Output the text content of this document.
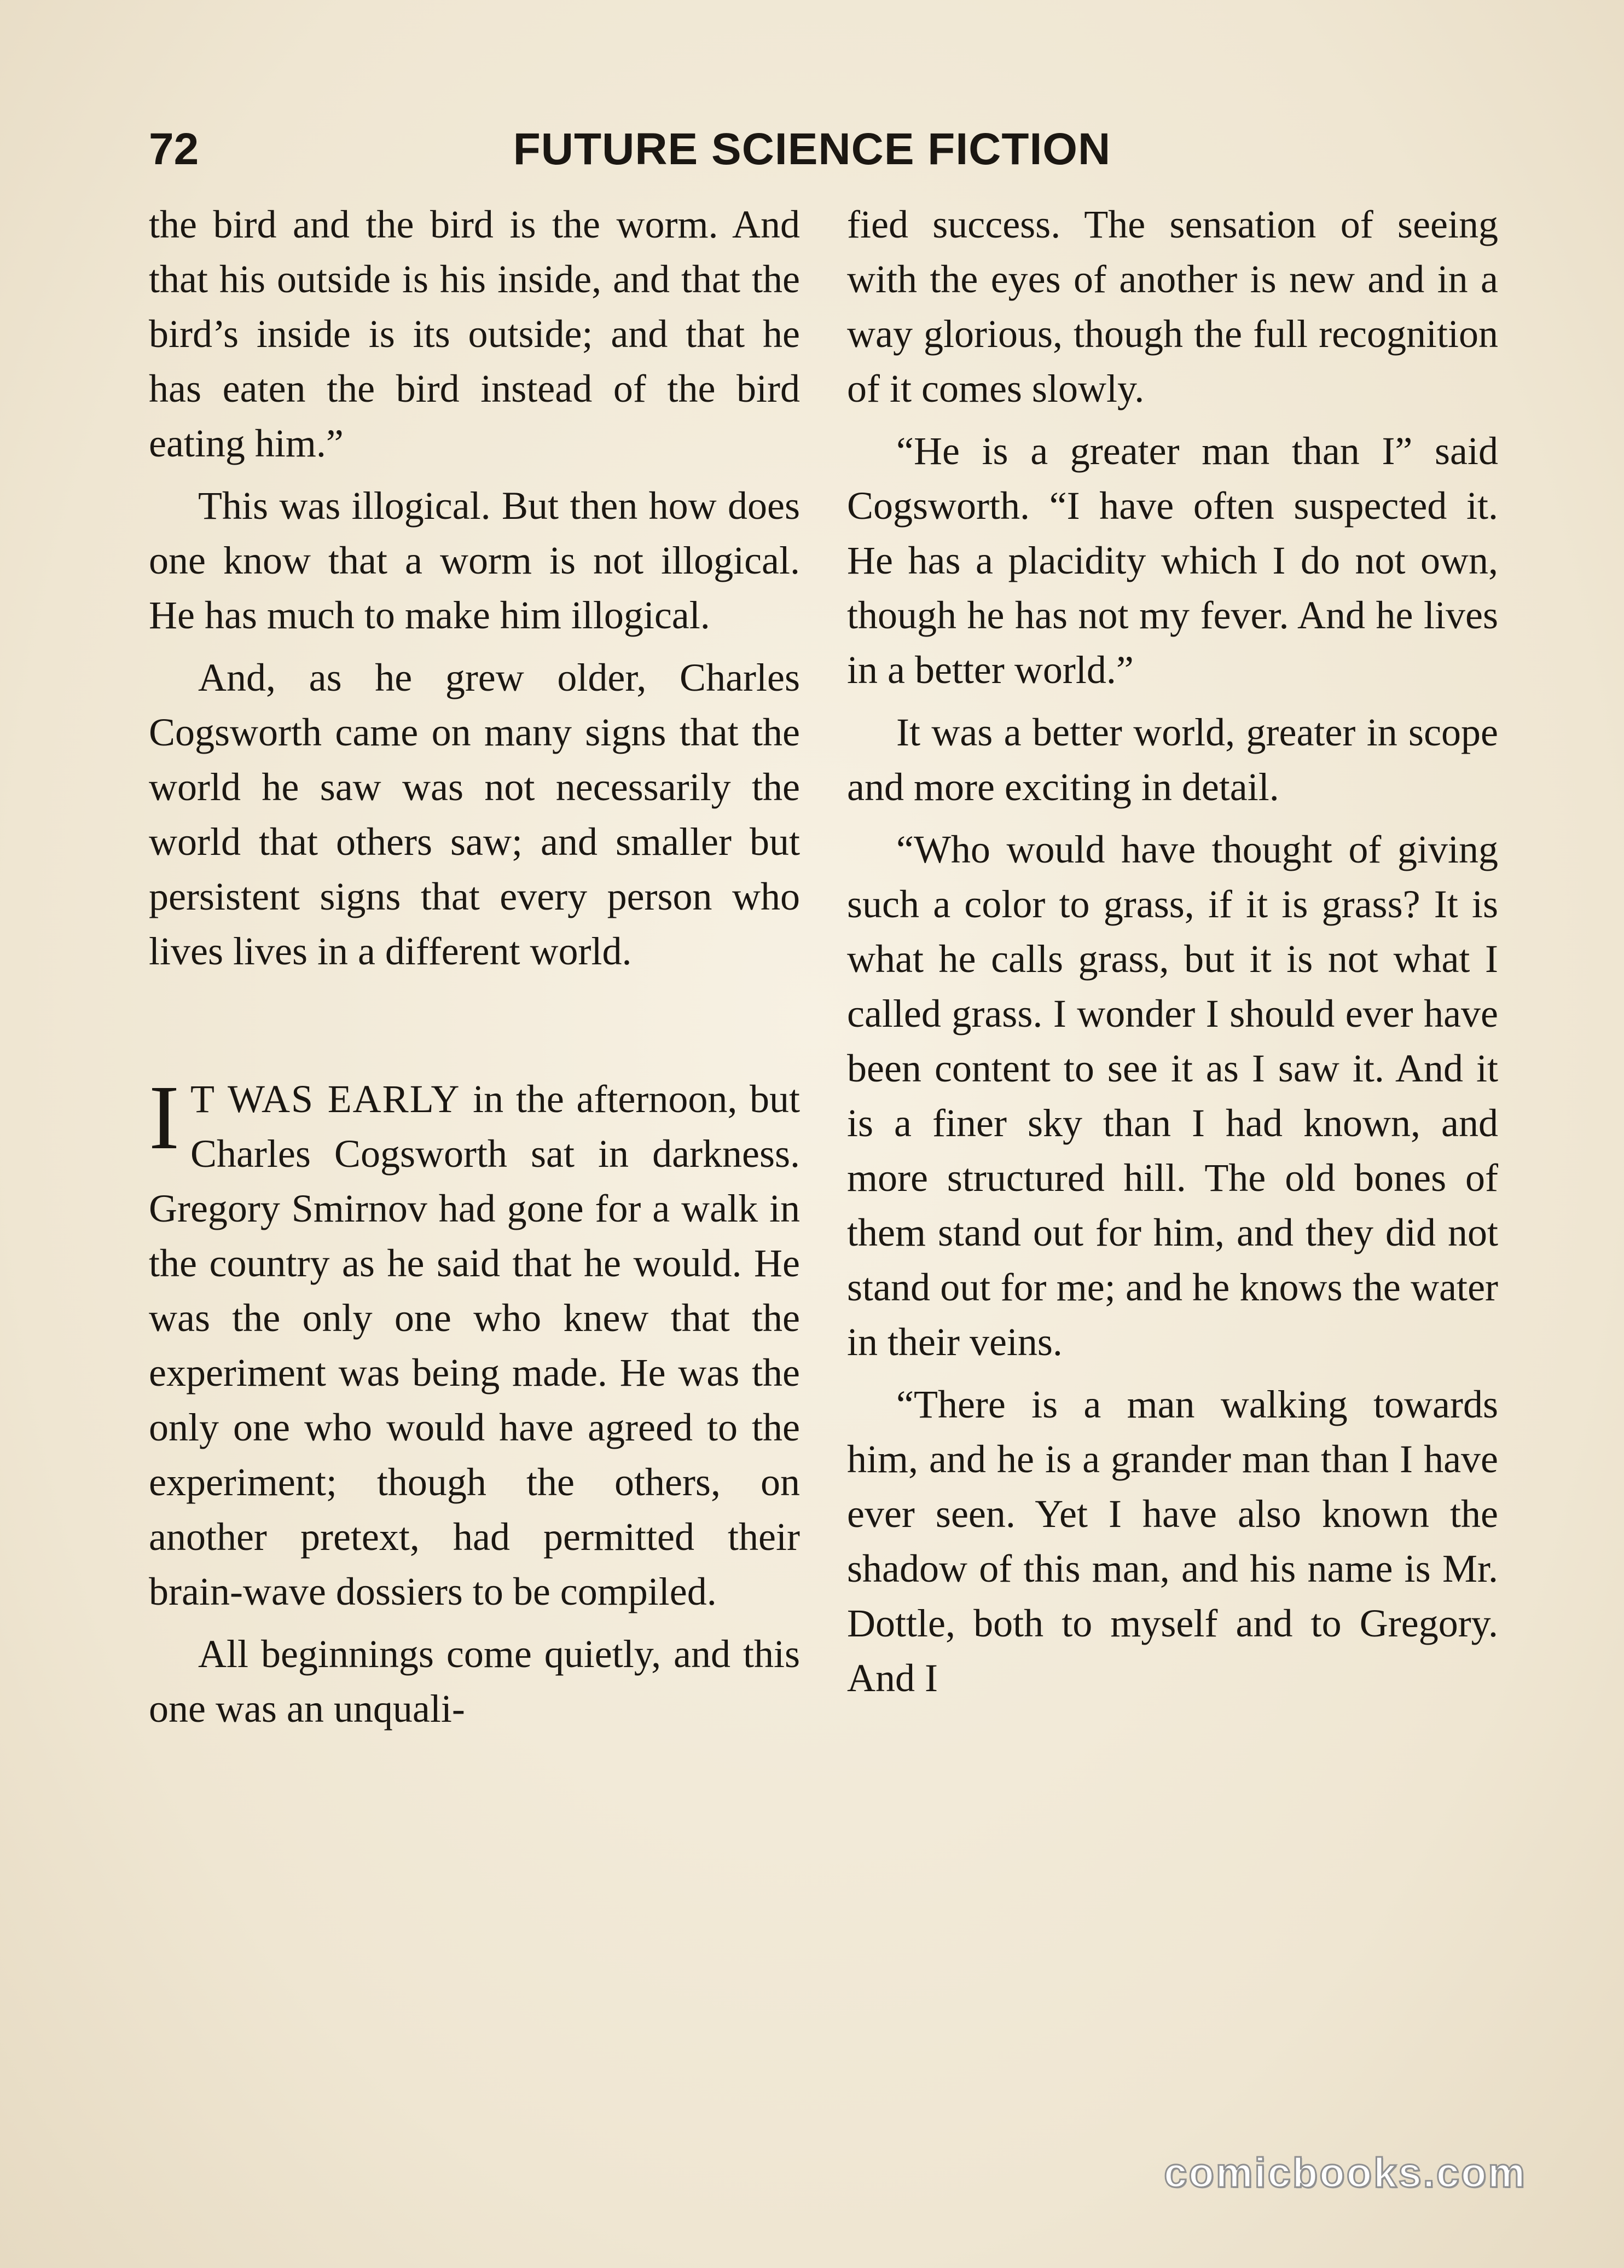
72	FUTURE SCIENCE FICTION

the bird and the bird is the worm. And that his outside is his inside, and that the bird’s inside is its outside; and that he has eaten the bird instead of the bird eating him.”

This was illogical. But then how does one know that a worm is not illogical. He has much to make him illogical.

And, as he grew older, Charles Cogsworth came on many signs that the world he saw was not necessarily the world that others saw; and smaller but persistent signs that every person who lives lives in a different world.

I T WAS EARLY in the afternoon, but Charles Cogsworth sat in darkness. Gregory Smirnov had gone for a walk in the country as he said that he would. He was the only one who knew that the experiment was being made. He was the only one who would have agreed to the experiment; though the others, on another pretext, had permitted their brain-wave dossiers to be compiled.

All beginnings come quietly, and this one was an unquali-

fied success. The sensation of seeing with the eyes of another is new and in a way glorious, though the full recognition of it comes slowly.

“He is a greater man than I” said Cogsworth. “I have often suspected it. He has a placidity which I do not own, though he has not my fever. And he lives in a better world.”

It was a better world, greater in scope and more exciting in detail.

“Who would have thought of giving such a color to grass, if it is grass? It is what he calls grass, but it is not what I called grass. I wonder I should ever have been content to see it as I saw it. And it is a finer sky than I had known, and more structured hill. The old bones of them stand out for him, and they did not stand out for me; and he knows the water in their veins.

“There is a man walking towards him, and he is a grander man than I have ever seen. Yet I have also known the shadow of this man, and his name is Mr. Dottle, both to myself and to Gregory. And I

comicbooks.com
